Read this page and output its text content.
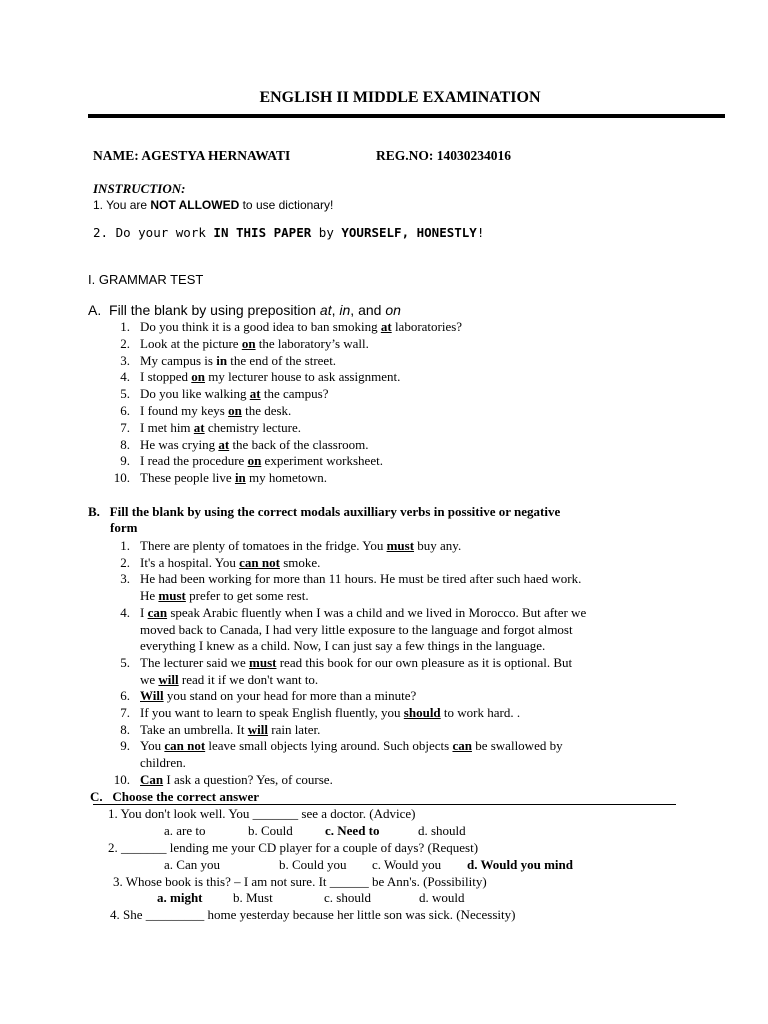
ENGLISH II MIDDLE EXAMINATION
NAME: AGESTYA HERNAWATI	REG.NO: 14030234016
INSTRUCTION:
1. You are NOT ALLOWED to use dictionary!
2. Do your work IN THIS PAPER by YOURSELF, HONESTLY!
I. GRAMMAR TEST
A. Fill the blank by using preposition at, in, and on
1. Do you think it is a good idea to ban smoking at laboratories?
2. Look at the picture on the laboratory’s wall.
3. My campus is in the end of the street.
4. I stopped on my lecturer house to ask assignment.
5. Do you like walking at the campus?
6. I found my keys on the desk.
7. I met him at chemistry lecture.
8. He was crying at the back of the classroom.
9. I read the procedure on experiment worksheet.
10. These people live in my hometown.
B. Fill the blank by using the correct modals auxilliary verbs in possitive or negative
form
1. There are plenty of tomatoes in the fridge. You must buy any.
2. It's a hospital. You can not smoke.
3. He had been working for more than 11 hours. He must be tired after such haed work.
He must prefer to get some rest.
4. I can speak Arabic fluently when I was a child and we lived in Morocco. But after we
moved back to Canada, I had very little exposure to the language and forgot almost
everything I knew as a child. Now, I can just say a few things in the language.
5. The lecturer said we must read this book for our own pleasure as it is optional. But
we will read it if we don't want to.
6. Will you stand on your head for more than a minute?
7. If you want to learn to speak English fluently, you should to work hard. .
8. Take an umbrella. It will rain later.
9. You can not leave small objects lying around. Such objects can be swallowed by
children.
10. Can I ask a question? Yes, of course.
C. Choose the correct answer
1. You don't look well. You _______ see a doctor. (Advice)
a. are to	b. Could c. Need to	d. should
2. _______ lending me your CD player for a couple of days? (Request)
a. Can you	b. Could you c. Would you d. Would you mind
3. Whose book is this? – I am not sure. It ______ be Ann's. (Possibility)
a. might b. Must	c. should	d. would
4. She _________ home yesterday because her little son was sick. (Necessity)
